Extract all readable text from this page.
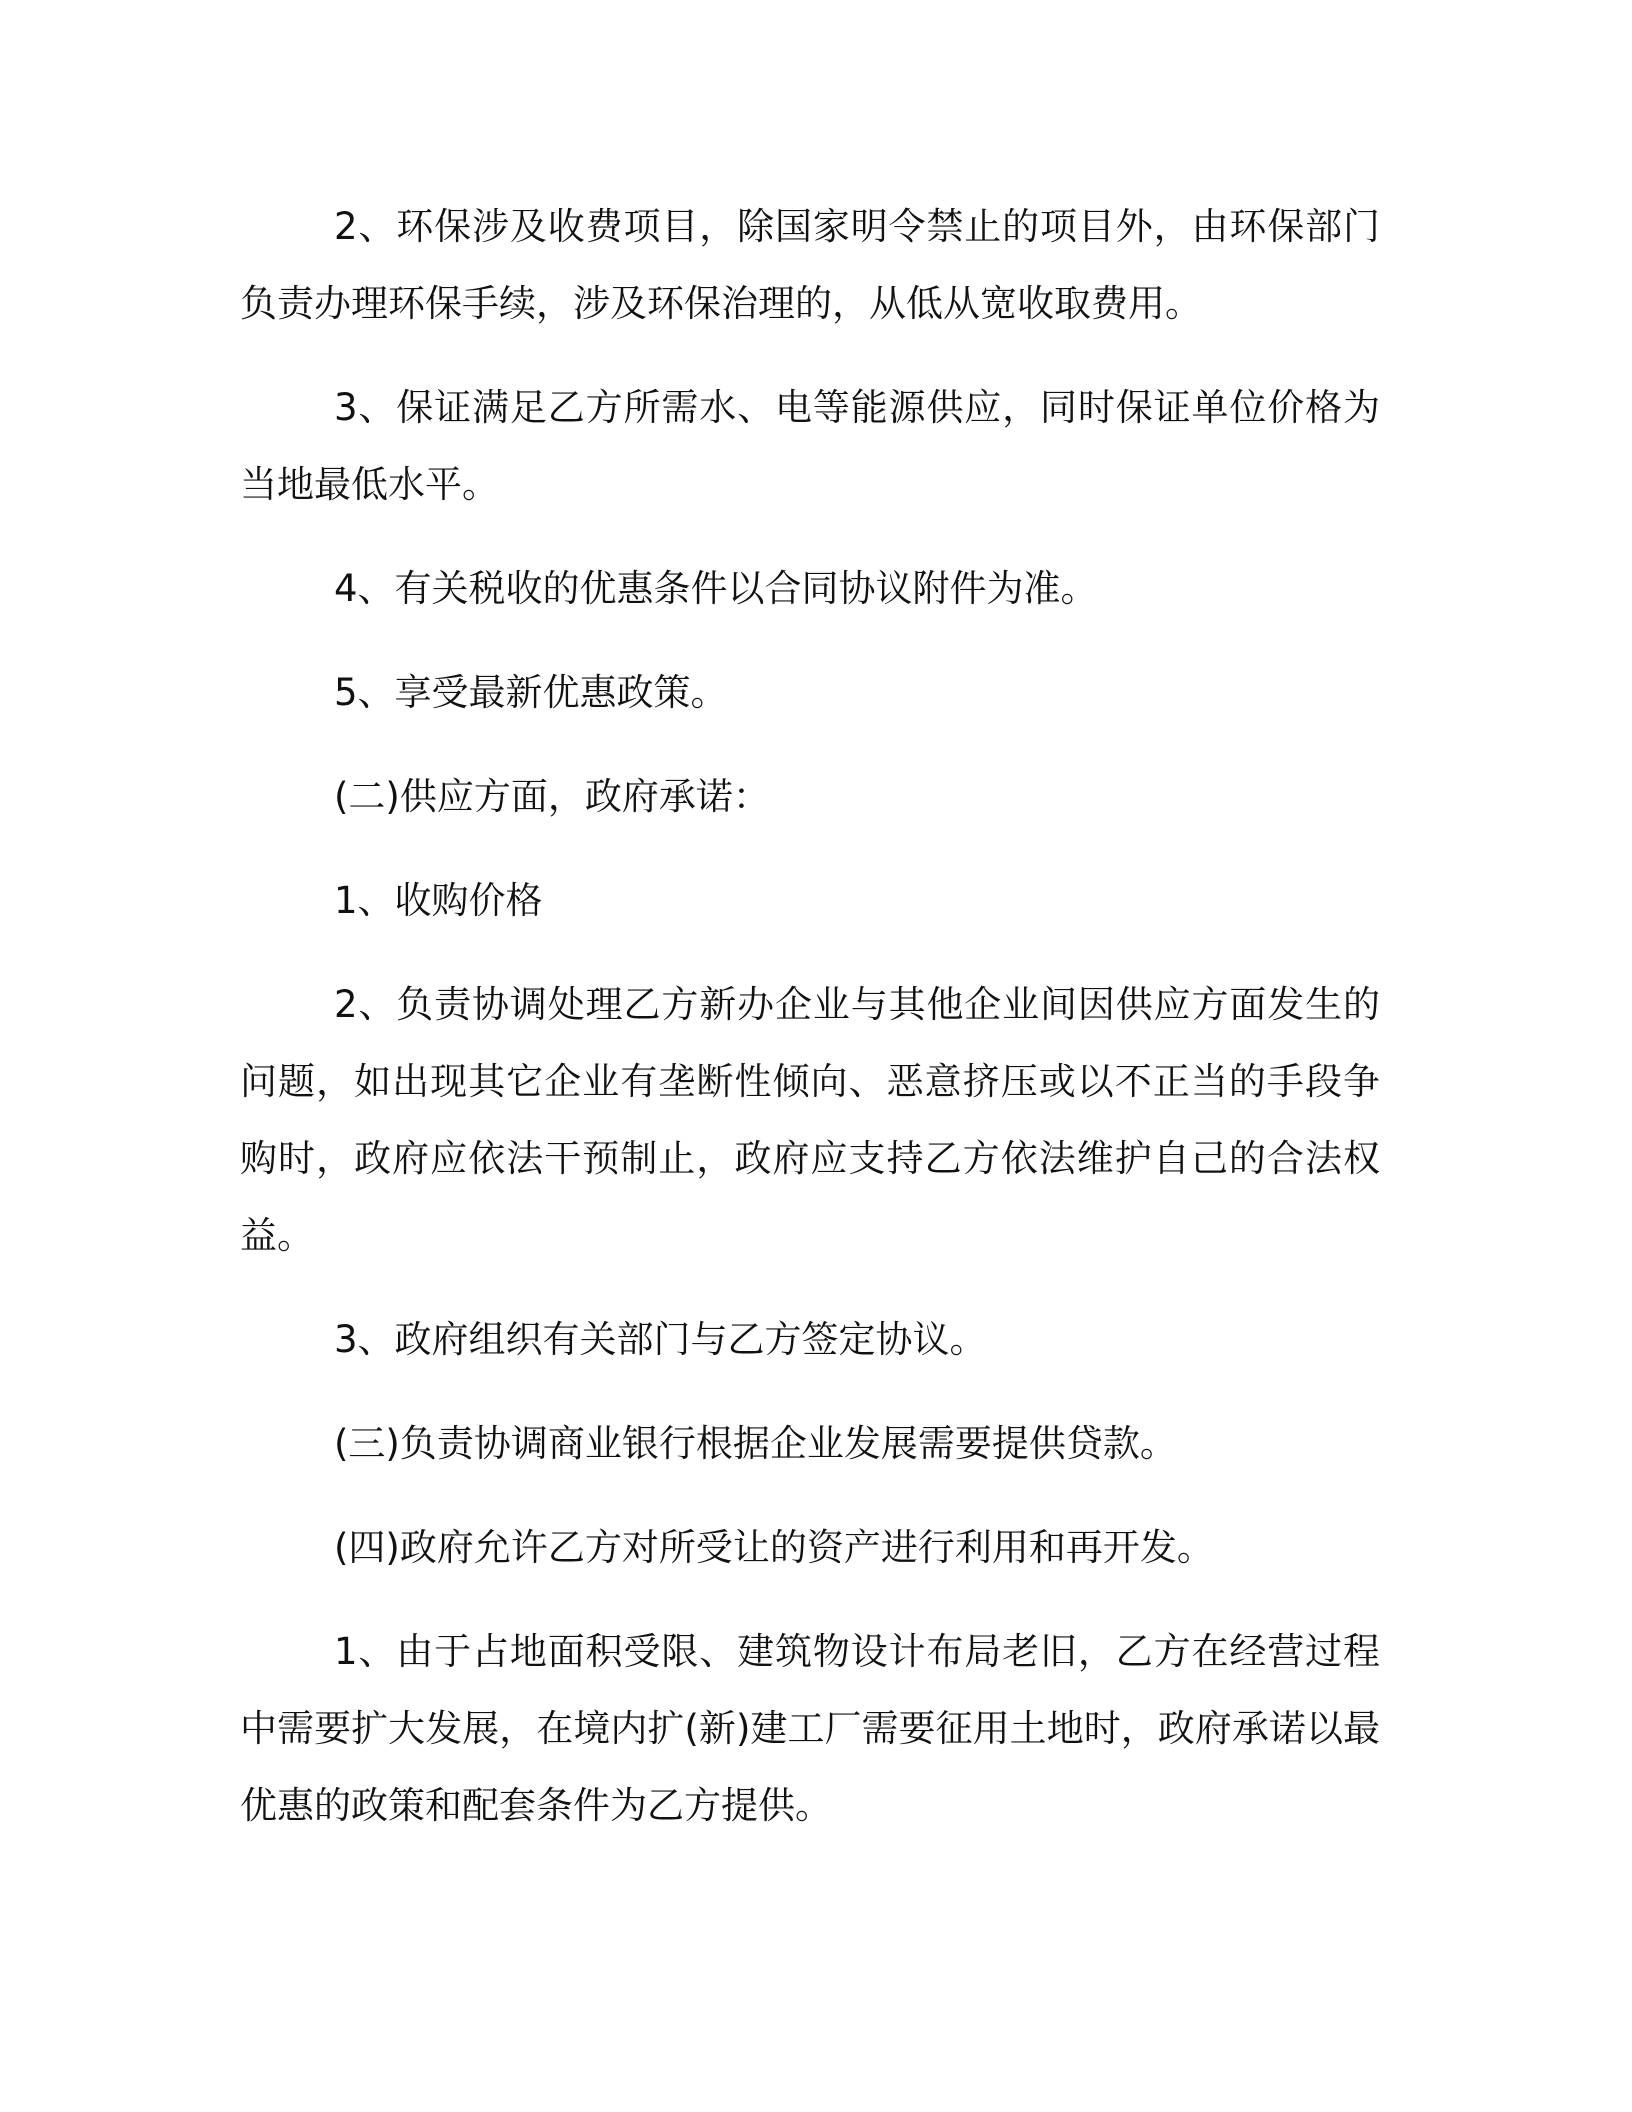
2、环保涉及收费项目，除国家明令禁止的项目外，由环保部门负责办理环保手续，涉及环保治理的，从低从宽收取费用。

3、保证满足乙方所需水、电等能源供应，同时保证单位价格为当地最低水平。

4、有关税收的优惠条件以合同协议附件为准。

5、享受最新优惠政策。

(二)供应方面，政府承诺：

1、收购价格

2、负责协调处理乙方新办企业与其他企业间因供应方面发生的问题，如出现其它企业有垄断性倾向、恶意挤压或以不正当的手段争购时，政府应依法干预制止，政府应支持乙方依法维护自己的合法权益。

3、政府组织有关部门与乙方签定协议。

(三)负责协调商业银行根据企业发展需要提供贷款。

(四)政府允许乙方对所受让的资产进行利用和再开发。

1、由于占地面积受限、建筑物设计布局老旧，乙方在经营过程中需要扩大发展，在境内扩(新)建工厂需要征用土地时，政府承诺以最优惠的政策和配套条件为乙方提供。
